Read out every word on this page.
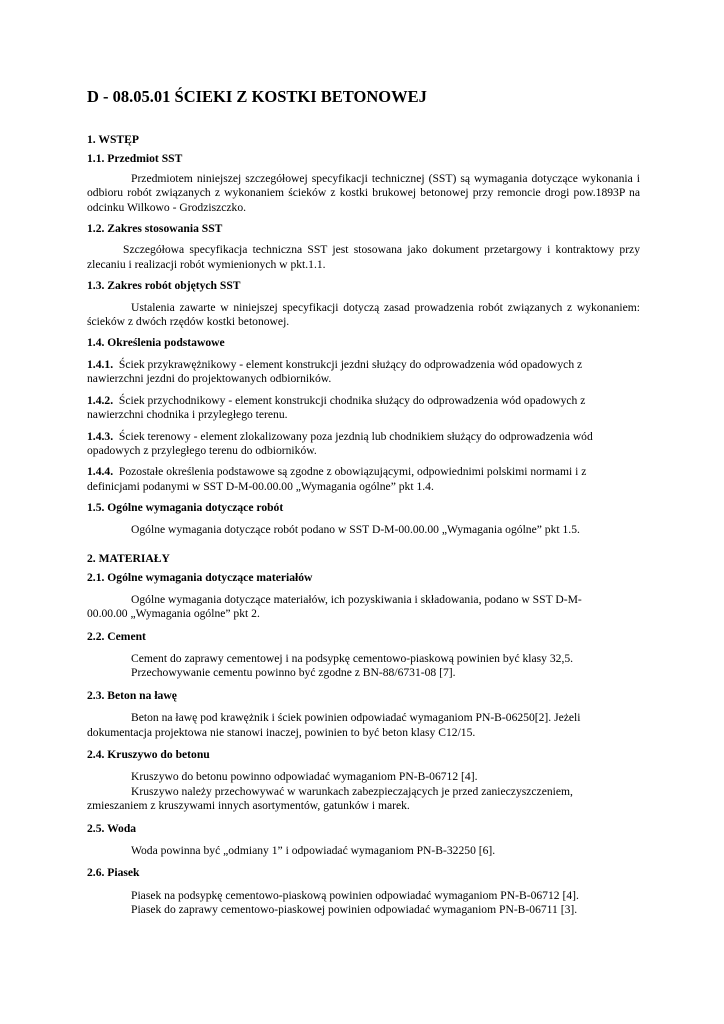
D - 08.05.01 ŚCIEKI Z KOSTKI BETONOWEJ
1. WSTĘP
1.1. Przedmiot SST

Przedmiotem niniejszej szczegółowej specyfikacji technicznej (SST) są wymagania dotyczące wykonania i odbioru robót związanych z wykonaniem ścieków z kostki brukowej betonowej przy remoncie drogi pow.1893P na odcinku Wilkowo - Grodziszczko.

1.2. Zakres stosowania SST

Szczegółowa specyfikacja techniczna SST jest stosowana jako dokument przetargowy i kontraktowy przy zlecaniu i realizacji robót wymienionych w pkt.1.1.

1.3. Zakres robót objętych SST

Ustalenia zawarte w niniejszej specyfikacji dotyczą zasad prowadzenia robót związanych z wykonaniem: ścieków z dwóch rzędów kostki betonowej.

1.4. Określenia podstawowe

1.4.1. Ściek przykrawężnikowy - element konstrukcji jezdni służący do odprowadzenia wód opadowych z nawierzchni jezdni do projektowanych odbiorników.

1.4.2. Ściek przychodnikowy - element konstrukcji chodnika służący do odprowadzenia wód opadowych z nawierzchni chodnika i przyległego terenu.

1.4.3. Ściek terenowy - element zlokalizowany poza jezdnią lub chodnikiem służący do odprowadzenia wód opadowych z przyległego terenu do odbiorników.

1.4.4. Pozostałe określenia podstawowe są zgodne z obowiązującymi, odpowiednimi polskimi normami i z definicjami podanymi w SST D-M-00.00.00 „Wymagania ogólne” pkt 1.4.

1.5. Ogólne wymagania dotyczące robót

Ogólne wymagania dotyczące robót podano w SST D-M-00.00.00 „Wymagania ogólne” pkt 1.5.

2. MATERIAŁY
2.1. Ogólne wymagania dotyczące materiałów
Ogólne wymagania dotyczące materiałów, ich pozyskiwania i składowania, podano w SST D-M-
00.00.00 „Wymagania ogólne” pkt 2.
2.2. Cement
Cement do zaprawy cementowej i na podsypkę cementowo-piaskową powinien być klasy 32,5.
Przechowywanie cementu powinno być zgodne z BN-88/6731-08 [7].
2.3. Beton na ławę
Beton na ławę pod krawężnik i ściek powinien odpowiadać wymaganiom PN-B-06250[2]. Jeżeli
dokumentacja projektowa nie stanowi inaczej, powinien to być beton klasy C12/15.
2.4. Kruszywo do betonu
Kruszywo do betonu powinno odpowiadać wymaganiom PN-B-06712 [4].
Kruszywo należy przechowywać w warunkach zabezpieczających je przed zanieczyszczeniem,
zmieszaniem z kruszywami innych asortymentów, gatunków i marek.
2.5. Woda
Woda powinna być „odmiany 1” i odpowiadać wymaganiom PN-B-32250 [6].
2.6. Piasek
Piasek na podsypkę cementowo-piaskową powinien odpowiadać wymaganiom PN-B-06712 [4].
Piasek do zaprawy cementowo-piaskowej powinien odpowiadać wymaganiom PN-B-06711 [3].
